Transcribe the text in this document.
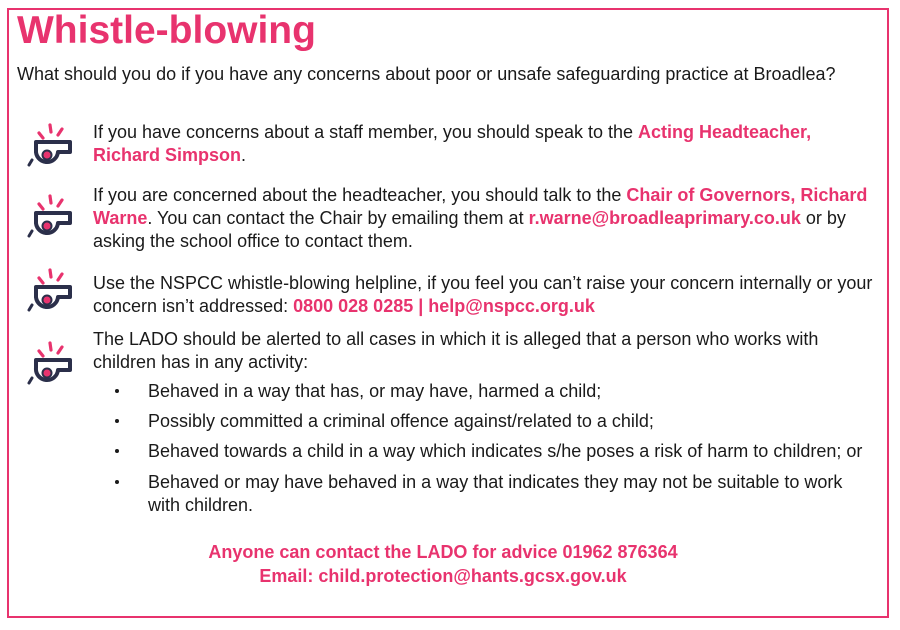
Whistle-blowing
What should you do if you have any concerns about poor or unsafe safeguarding practice at Broadlea?
If you have concerns about a staff member, you should speak to the Acting Headteacher, Richard Simpson.
If you are concerned about the headteacher, you should talk to the Chair of Governors, Richard Warne. You can contact the Chair by emailing them at r.warne@broadleaprimary.co.uk or by asking the school office to contact them.
Use the NSPCC whistle-blowing helpline, if you feel you can’t raise your concern internally or your concern isn’t addressed: 0800 028 0285 | help@nspcc.org.uk
The LADO should be alerted to all cases in which it is alleged that a person who works with children has in any activity:
Behaved in a way that has, or may have, harmed a child;
Possibly committed a criminal offence against/related to a child;
Behaved towards a child in a way which indicates s/he poses a risk of harm to children; or
Behaved or may have behaved in a way that indicates they may not be suitable to work with children.
Anyone can contact the LADO for advice 01962 876364
Email: child.protection@hants.gcsx.gov.uk
